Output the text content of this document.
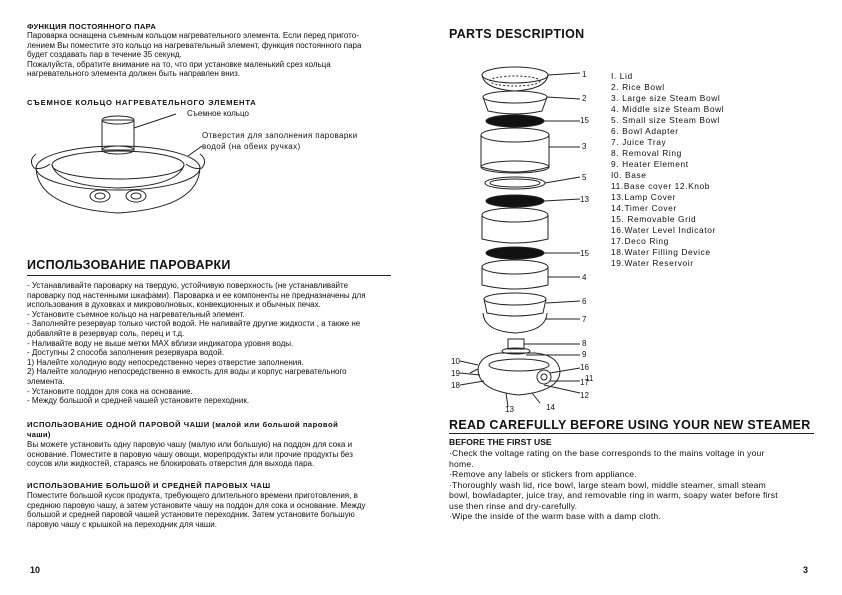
ФУНКЦИЯ ПОСТОЯННОГО ПАРА
Пароварка оснащена съемным кольцом нагревательного элемента. Если перед пригото-
лением Вы поместите это кольцо на нагревательный элемент, функция постоянного пара
будет создавать пар в течение 35 секунд.
Пожалуйста, обратите внимание на то, что при установке маленький срез кольца
нагревательного элемента должен быть направлен вниз.
СЪЕМНОЕ КОЛЬЦО НАГРЕВАТЕЛЬНОГО ЭЛЕМЕНТА
Съемное кольцо
Отверстия для заполнения пароварки
водой (на обеих ручках)
ИСПОЛЬЗОВАНИЕ ПАРОВАРКИ
- Устанавливайте пароварку на твердую, устойчивую поверхность (не устанавливайте
пароварку под настенными шкафами). Пароварка и ее компоненты не предназначены для
использования в духовках и микроволновых, конвекционных и обычных печах.
- Установите съемное кольцо на нагревательный элемент.
- Заполняйте резервуар только чистой водой. Не наливайте другие жидкости , а также не
добавляйте в резервуар соль, перец и т.д.
- Наливайте воду не выше метки MAX вблизи индикатора уровня воды.
- Доступны 2 способа заполнения резервуара водой.
1) Налейте холодную воду непосредственно через отверстие заполнения.
2) Налейте холодную непосредственно в емкость для воды и корпус нагревательного
элемента.
- Установите поддон для сока на основание.
- Между большой и средней чашей установите переходник.
ИСПОЛЬЗОВАНИЕ ОДНОЙ ПАРОВОЙ ЧАШИ (малой или большой паровой
чаши)
Вы можете установить одну паровую чашу (малую или большую) на поддон для сока и
основание. Поместите в паровую чашу овощи, морепродукты или прочие продукты без
соусов или жидкостей, стараясь не блокировать отверстия для выхода пара.
ИСПОЛЬЗОВАНИЕ БОЛЬШОЙ И СРЕДНЕЙ ПАРОВЫХ ЧАШ
Поместите большой кусок продукта, требующего длительного времени приготовления, в
среднюю паровую чашу, а затем установите чашу на поддон для сока и основание. Между
большой и средней паровой чашей установите переходник. Затем установите большую
паровую чашу с крышкой на переходник для чаши.
10
PARTS DESCRIPTION
I. Lid
2. Rice Bowl
3. Large size Steam Bowl
4. Middle size Steam Bowl
5. Small size Steam Bowl
6. Bowl Adapter
7. Juice Tray
8. Removal Ring
9. Heater Element
I0. Base
11.Base cover 12.Knob
13.Lamp Cover
14.Timer Cover
15. Removable Grid
16.Water Level Indicator
17.Deco Ring
18.Water Filling Device
19.Water Reservoir
1
2
15
3
5
13
15
4
6
7
8
9
10
19
18
16
17
12
11
14
13
READ CAREFULLY BEFORE USING YOUR NEW STEAMER
BEFORE THE FIRST USE
·Check the voltage rating on the base corresponds to the mains voltage in your
home.
·Remove any labels or stickers from appliance.
·Thoroughly wash lid, rice bowl, large steam bowl, middle steamer, small steam
bowl, bowladapter, juice tray, and removable ring in warm, soapy water before first
use then rinse and dry-carefully.
·Wipe the inside of the warm base with a damp cloth.
3
